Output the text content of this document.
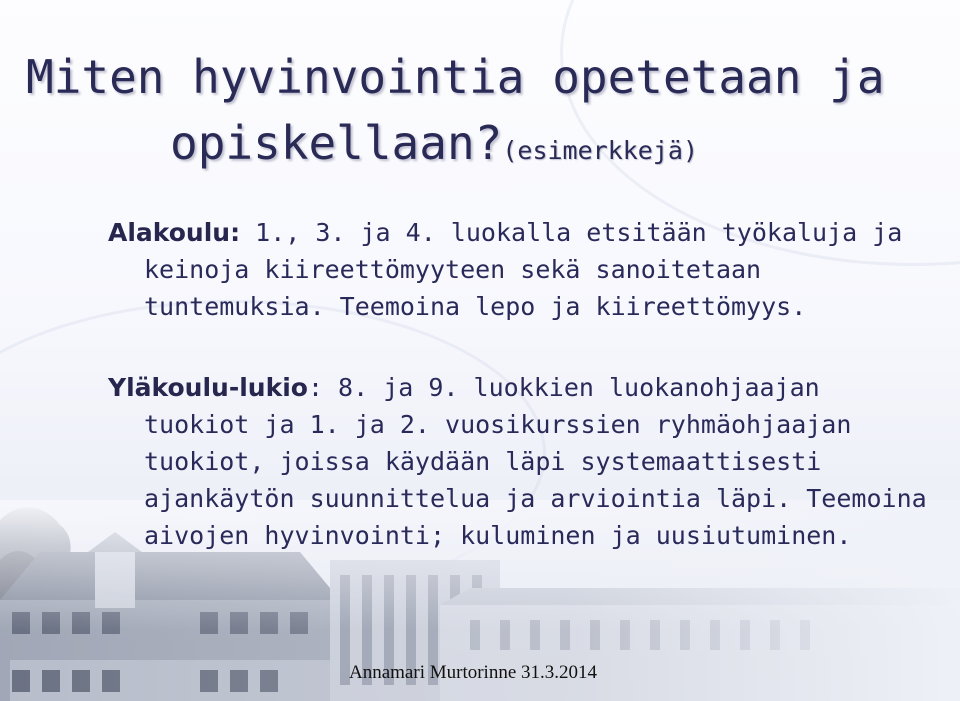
Miten hyvinvointia opetetaan ja
opiskellaan?(esimerkkejä)

Alakoulu: 1., 3. ja 4. luokalla etsitään työkaluja ja keinoja kiireettömyyteen sekä sanoitetaan tuntemuksia. Teemoina lepo ja kiireettömyys.

Yläkoulu-lukio: 8. ja 9. luokkien luokanohjaajan tuokiot ja 1. ja 2. vuosikurssien ryhmäohjaajan tuokiot, joissa käydään läpi systemaattisesti ajankäytön suunnittelua ja arviointia läpi. Teemoina aivojen hyvinvointi; kuluminen ja uusiutuminen.

Annamari Murtorinne 31.3.2014
